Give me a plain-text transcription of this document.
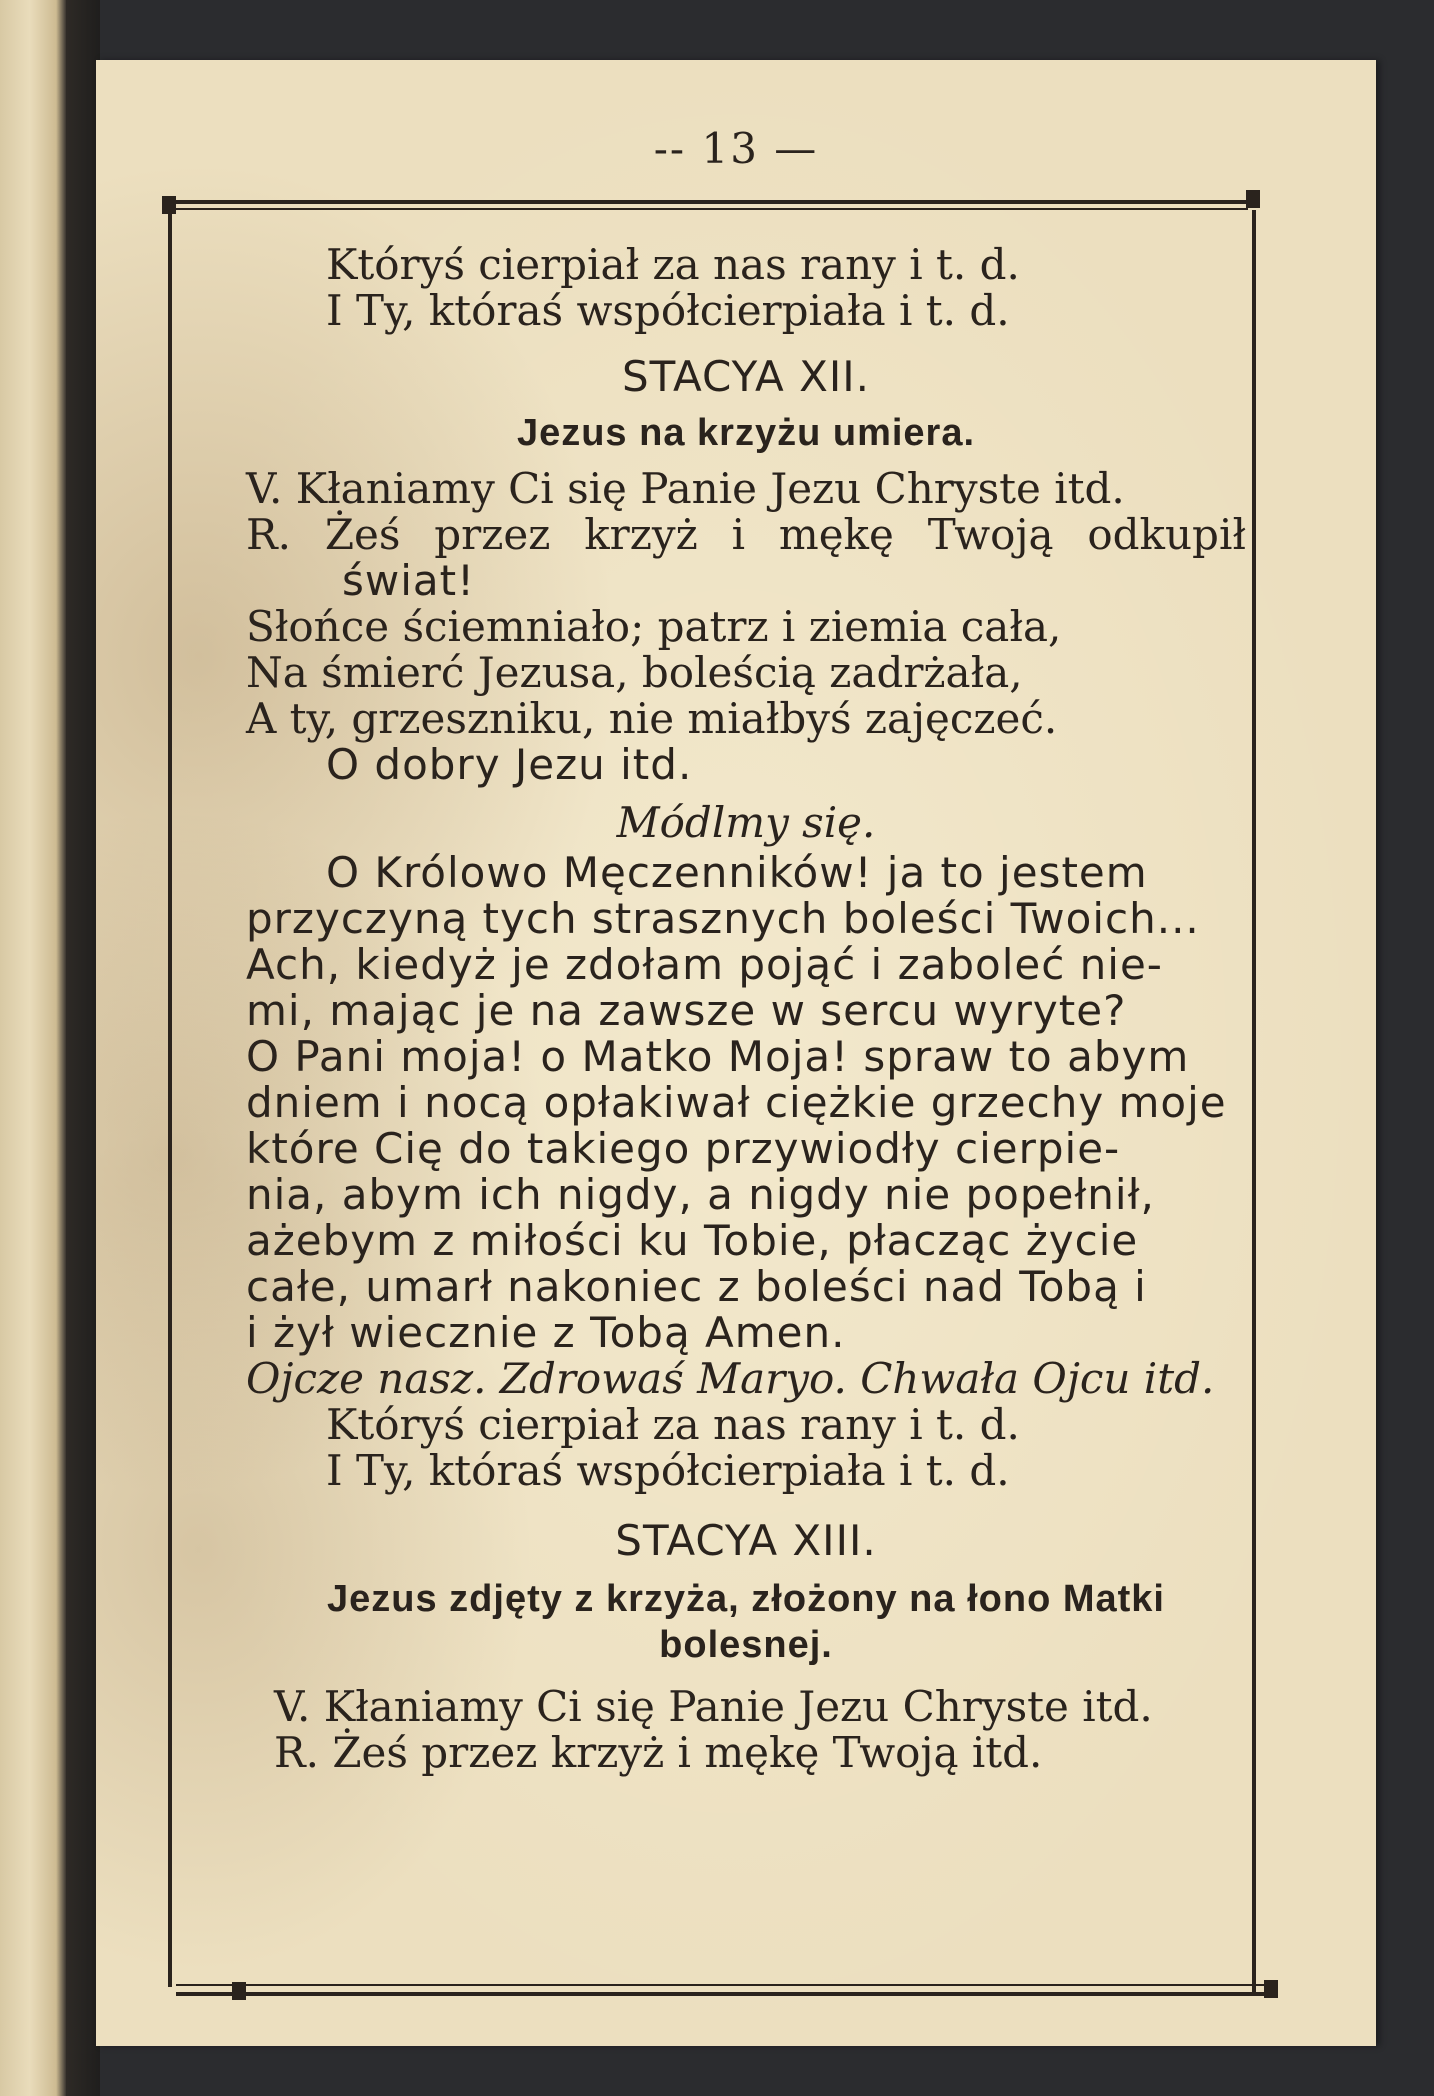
-- 13 —
Któryś cierpiał za nas rany i t. d.
I Ty, któraś współcierpiała i t. d.
STACYA XII.
Jezus na krzyżu umiera.
V. Kłaniamy Ci się Panie Jezu Chryste itd.
R. Żeś przez krzyż i mękę Twoją odkupił
świat!
Słońce ściemniało; patrz i ziemia cała,
Na śmierć Jezusa, boleścią zadrżała,
A ty, grzeszniku, nie miałbyś zajęczeć.
O dobry Jezu itd.
Módlmy się.
O Królowo Męczenników! ja to jestem
przyczyną tych strasznych boleści Twoich...
Ach, kiedyż je zdołam pojąć i zaboleć nie-
mi, mając je na zawsze w sercu wyryte?
O Pani moja! o Matko Moja! spraw to abym
dniem i nocą opłakiwał ciężkie grzechy moje
które Cię do takiego przywiodły cierpie-
nia, abym ich nigdy, a nigdy nie popełnił,
ażebym z miłości ku Tobie, płacząc życie
całe, umarł nakoniec z boleści nad Tobą i
i żył wiecznie z Tobą Amen.
Ojcze nasz. Zdrowaś Maryo. Chwała Ojcu itd.
Któryś cierpiał za nas rany i t. d.
I Ty, któraś współcierpiała i t. d.
STACYA XIII.
Jezus zdjęty z krzyża, złożony na łono Matki
bolesnej.
V. Kłaniamy Ci się Panie Jezu Chryste itd.
R. Żeś przez krzyż i mękę Twoją itd.
